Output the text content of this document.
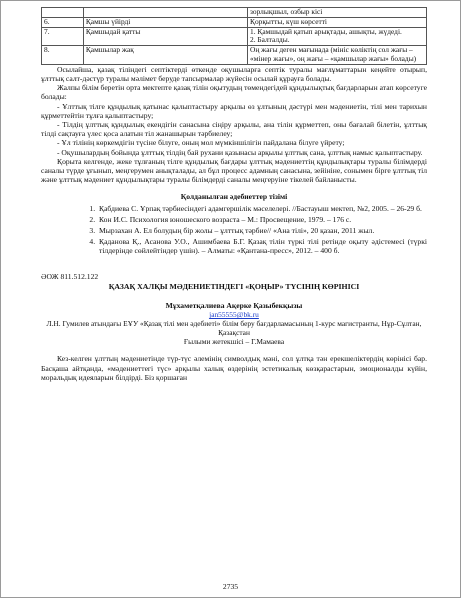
		зорлықшыл, озбыр кісі

6.	Қамшы үйірді	Қорқытты, күш көрсетті

7.	Қамшыдай қатты	1. Қамшыдай қатып арықтады, ашықты, жүдеді.
2. Балталды.

8.	Қамшылар жақ	Оң жағы деген мағынада (мініс көліктің сол жағы – «мінер жағы», оң жағы – «қамшылар жағы» болады)

Осылайша, қазақ тіліндегі септіктерді өткенде оқушыларға септік туралы мағлұматтарын кеңейте отырып, ұлттық салт-дәстүр туралы мәлімет беруде тапсырмалар жүйесін осылай құрауға болады.

Жалпы білім беретін орта мектепте қазақ тілін оқытудың төмендегідей құндылықтық бағдарларын атап көрсетуге болады:

- Ұлттық тілге құндылық қатынас қалыптастыру арқылы өз ұлтының дәстүрі мен мәдениетін, тілі мен тарихын құрметтейтін тұлға қалыптастыру;

- Тілдің ұлттық құндылық екендігін санасына сіңіру арқылы, ана тілін құрметтеп, оны бағалай білетін, ұлттық тілді сақтауға үлес қоса алатын тіл жанашырын тәрбиелеу;

- Ұл тілінің көркемдігін түсіне білуге, оның мол мүмкіншілігін пайдалана білуге үйрету;

- Оқушылардың бойында ұлттық тілдің бай рухани қазынасы арқылы ұлттық сана, ұлттық намыс қалыптастыру.

Қорыта келгенде, жеке тұлғаның тілге құндылық бағдары ұлттық мәдениеттің құндылықтары туралы білімдерді саналы түрде ұғынып, меңгерумен анықталады, ал бұл процесс адамның санасына, зейініне, сонымен бірге ұлттық тіл және ұлттық мәдениет құндылықтары туралы білімдерді саналы меңгеруіне тікелей байланысты.

Қолданылған әдебиеттер тізімі
1. Қабдиева С. Ұрпақ тәрбиесіндегі адамгершілік мәселелері. //Бастауыш мектеп, №2, 2005. – 26-29 б.
2. Кон И.С. Психология юношеского возраста – М.: Просвещение, 1979. – 176 с.
3. Мырзахан А. Ел болудың бір жолы – ұлттық тәрбие// «Ана тілі», 20 қазан, 2011 жыл.
4. Қаданова Қ., Асанова У.О., Ашимбаева Б.Г. Қазақ тілін түркі тілі ретінде оқыту әдістемесі (түркі тілдерінде сөйлейтіндер үшін). – Алматы: «Қантана-пресс», 2012. – 400 б.
ӘОЖ 811.512.122
ҚАЗАҚ ХАЛҚЫ МӘДЕНИЕТІНДЕГІ «ҚОҢЫР» ТҮСІНІҢ КӨРІНІСІ
Мұхаметқалиева Ақерке Қазыбекқызы
jan55555@bk.ru
Л.Н. Гумилев атындағы ЕҰУ «Қазақ тілі мен әдебиеті» білім беру бағдарламасының 1-курс магистранты, Нұр-Сұлтан, Қазақстан
Ғылыми жетекшісі – Г.Мамаева

Кез-келген ұлттың мәдениетінде түр-түс әлемінің символдық мәні, сол ұлтқа тән ерекшеліктердің көрінісі бар. Басқаша айтқанда, «мәдениеттегі түс» арқылы халық өздерінің эстетикалық көзқарастарын, эмоционалды күйін, моральдық идеяларын білдірді. Біз қоршаған

2735
